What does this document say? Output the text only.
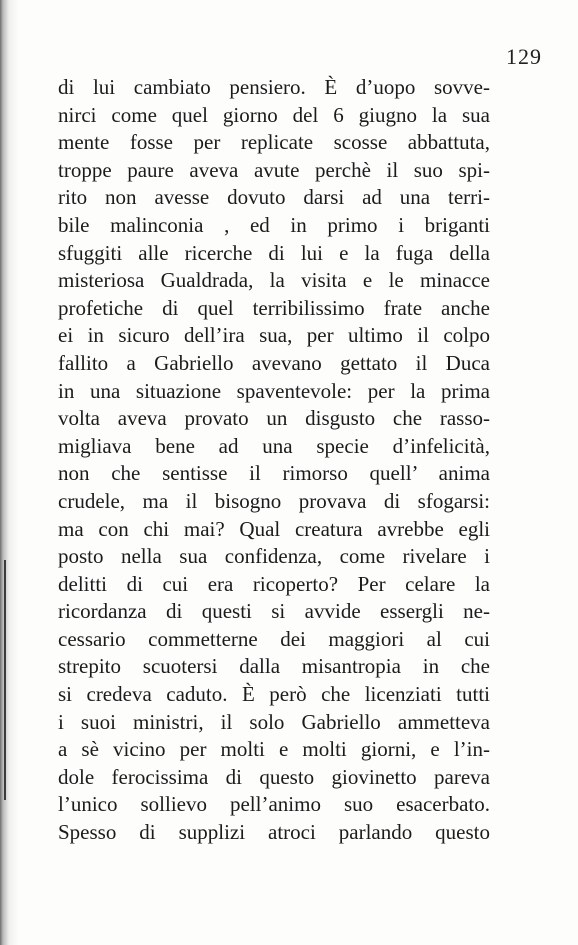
129
di lui cambiato pensiero. È d’uopo sovve-
nirci come quel giorno del 6 giugno la sua
mente fosse per replicate scosse abbattuta,
troppe paure aveva avute perchè il suo spi-
rito non avesse dovuto darsi ad una terri-
bile malinconia , ed in primo i briganti
sfuggiti alle ricerche di lui e la fuga della
misteriosa Gualdrada, la visita e le minacce
profetiche di quel terribilissimo frate anche
ei in sicuro dell’ira sua, per ultimo il colpo
fallito a Gabriello avevano gettato il Duca
in una situazione spaventevole: per la prima
volta aveva provato un disgusto che rasso-
migliava bene ad una specie d’infelicità,
non che sentisse il rimorso quell’ anima
crudele, ma il bisogno provava di sfogarsi:
ma con chi mai? Qual creatura avrebbe egli
posto nella sua confidenza, come rivelare i
delitti di cui era ricoperto? Per celare la
ricordanza di questi si avvide essergli ne-
cessario commetterne dei maggiori al cui
strepito scuotersi dalla misantropia in che
si credeva caduto. È però che licenziati tutti
i suoi ministri, il solo Gabriello ammetteva
a sè vicino per molti e molti giorni, e l’in-
dole ferocissima di questo giovinetto pareva
l’unico sollievo pell’animo suo esacerbato.
Spesso di supplizi atroci parlando questo
